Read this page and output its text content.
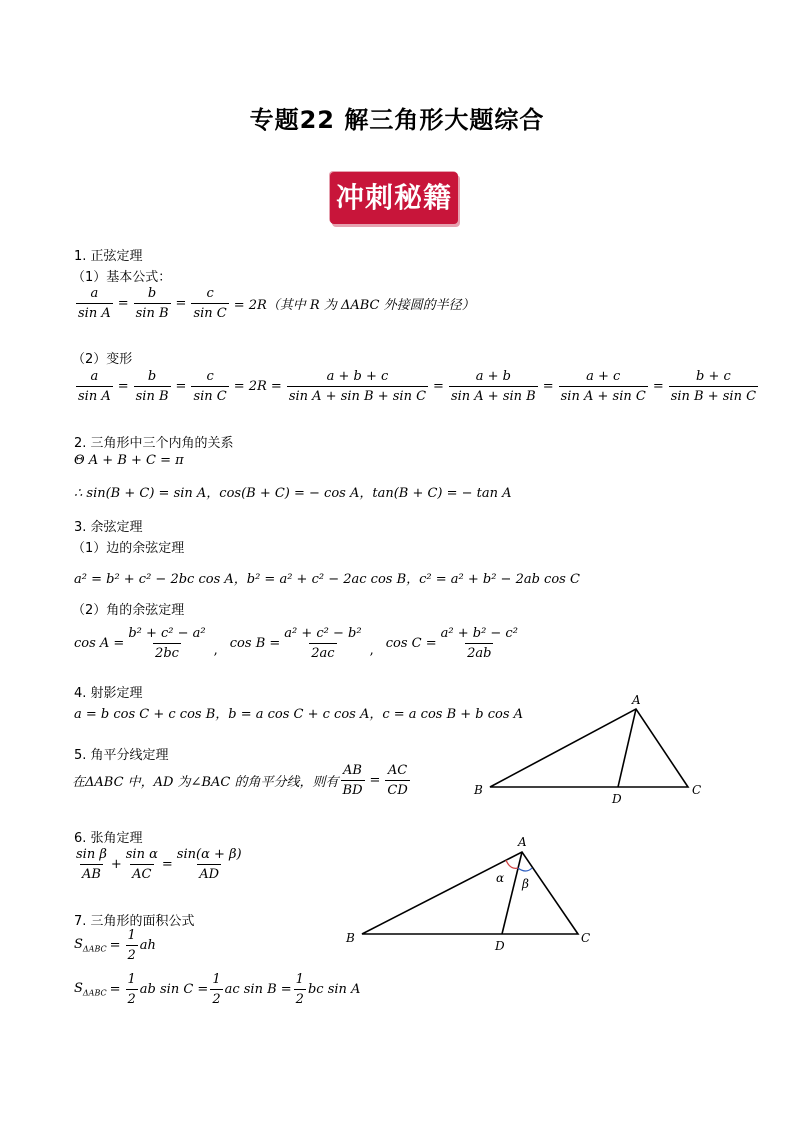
专题22 解三角形大题综合
冲刺秘籍
1. 正弦定理
（1）基本公式：
$\frac{a}{\text{sin A}} = \frac{b}{\text{sin B}} = \frac{c}{\text{sin C}} = 2R$（其中 R 为 ΔABC 外接圆的半径）
（2）变形
$\frac{a}{\text{sin A}} = \frac{b}{\text{sin B}} = \frac{c}{\text{sin C}} = 2R = \frac{a + b + c}{\text{sin A + sin B + sin C}} = \frac{a + b}{\text{sin A + sin B}} = \frac{a + c}{\text{sin A + sin C}} = \frac{b + c}{\text{sin B + sin C}}$
2. 三角形中三个内角的关系
Θ A + B + C = π
∴ sin(B + C) = sin A，cos(B + C) = − cos A，tan(B + C) = − tan A
3. 余弦定理
（1）边的余弦定理
a² = b² + c² − 2bc cos A，b² = a² + c² − 2ac cos B，c² = a² + b² − 2ab cos C
（2）角的余弦定理
$\cos A = \frac{\text{b² + c² − a²}}{2bc}$ , $\cos B = \frac{\text{a² + c² − b²}}{2ac}$ , $\cos C = \frac{\text{a² + b² − c²}}{2ab}$
4. 射影定理
a = b cos C + c cos B，b = a cos C + c cos A，c = a cos B + b cos A
5. 角平分线定理
在ΔABC 中，AD 为∠BAC 的角平分线，则有 $\frac{AB}{BD} = \frac{AC}{CD}$
A
B	C
D
6. 张角定理
$\frac{\text{sin β}}{AB} + \frac{\text{sin α}}{AC} = \frac{\sin(\alpha + \beta)}{AD}$
A
B	C
D
α β
7. 三角形的面积公式
$S_{\Delta ABC} = \frac{1}{2}$ ah
$S_{\Delta ABC} = \frac{1}{2}$ ab $\sin C = \frac{1}{2}$ ac $\sin B = \frac{1}{2}$ bc sin A
